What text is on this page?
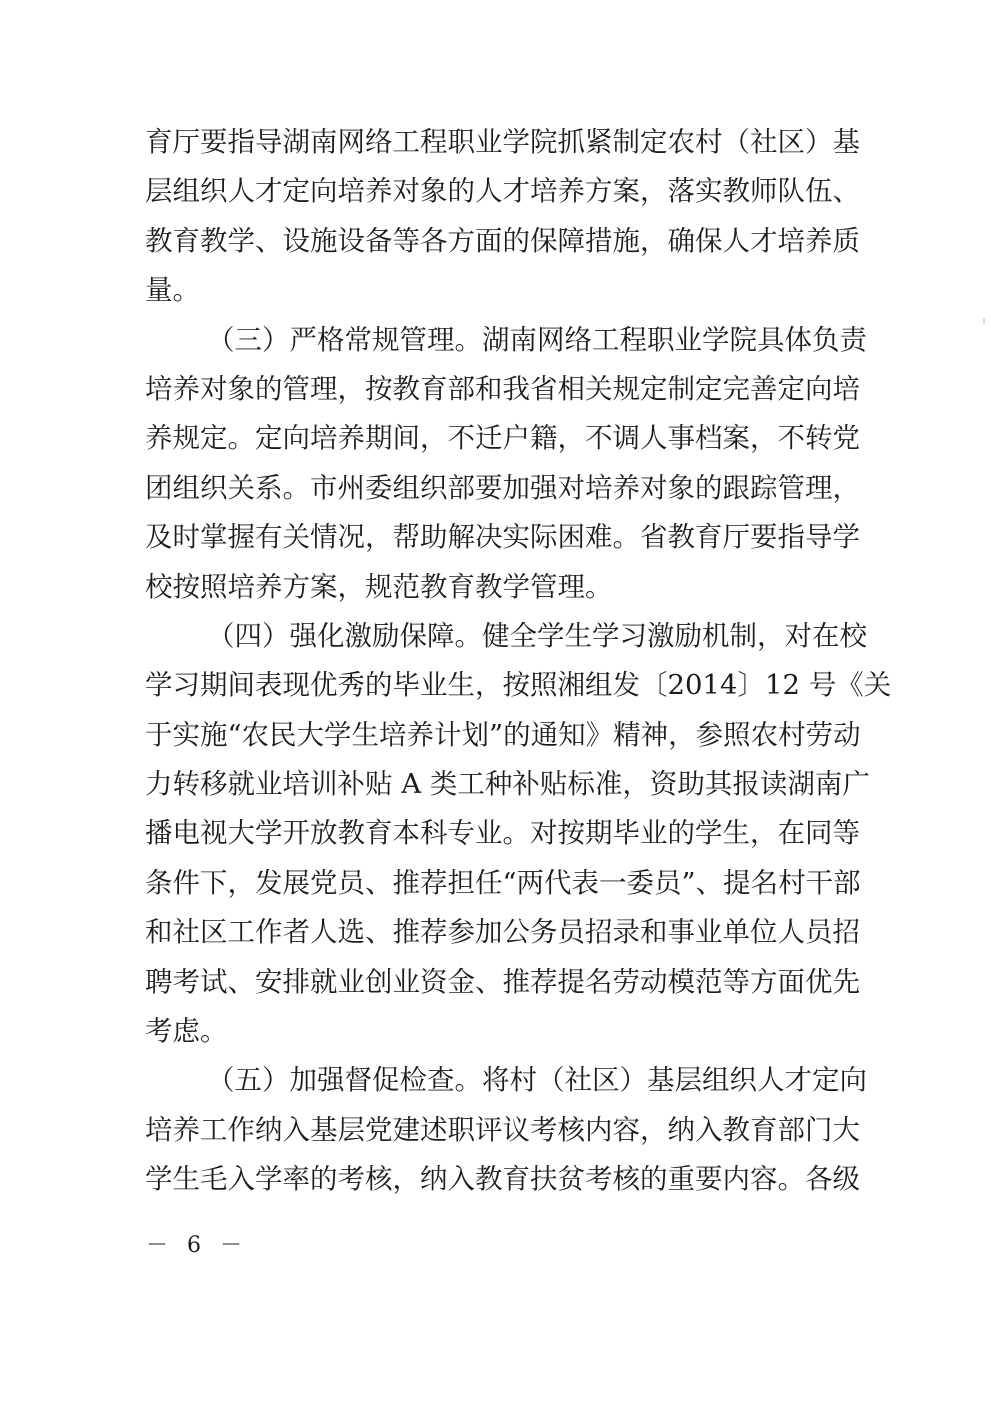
育厅要指导湖南网络工程职业学院抓紧制定农村（社区）基
层组织人才定向培养对象的人才培养方案，落实教师队伍、
教育教学、设施设备等各方面的保障措施，确保人才培养质
量。
（三）严格常规管理。湖南网络工程职业学院具体负责
培养对象的管理，按教育部和我省相关规定制定完善定向培
养规定。定向培养期间，不迁户籍，不调人事档案，不转党
团组织关系。市州委组织部要加强对培养对象的跟踪管理，
及时掌握有关情况，帮助解决实际困难。省教育厅要指导学
校按照培养方案，规范教育教学管理。
（四）强化激励保障。健全学生学习激励机制，对在校
学习期间表现优秀的毕业生，按照湘组发〔2014〕12 号《关
于实施“农民大学生培养计划”的通知》精神，参照农村劳动
力转移就业培训补贴 A 类工种补贴标准，资助其报读湖南广
播电视大学开放教育本科专业。对按期毕业的学生，在同等
条件下，发展党员、推荐担任“两代表一委员”、提名村干部
和社区工作者人选、推荐参加公务员招录和事业单位人员招
聘考试、安排就业创业资金、推荐提名劳动模范等方面优先
考虑。
（五）加强督促检查。将村（社区）基层组织人才定向
培养工作纳入基层党建述职评议考核内容，纳入教育部门大
学生毛入学率的考核，纳入教育扶贫考核的重要内容。各级
－ 6 －
